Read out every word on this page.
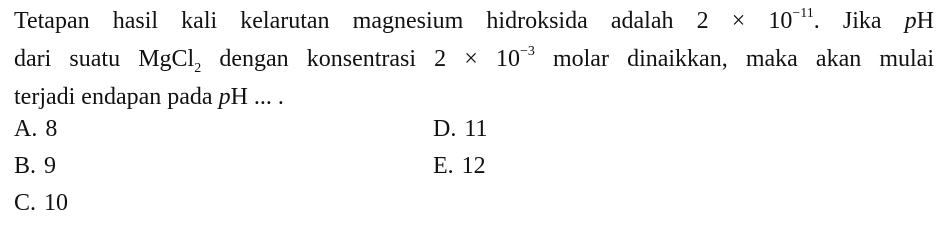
Tetapan hasil kali kelarutan magnesium hidroksida adalah $2 \times 10^{-11}$. Jika pH
dari suatu MgCl$_2$ dengan konsentrasi $2 \times 10^{-3}$ molar dinaikkan, maka akan mulai
terjadi endapan pada pH ... .
A. 8	D. 11
B. 9	E. 12
C. 10
